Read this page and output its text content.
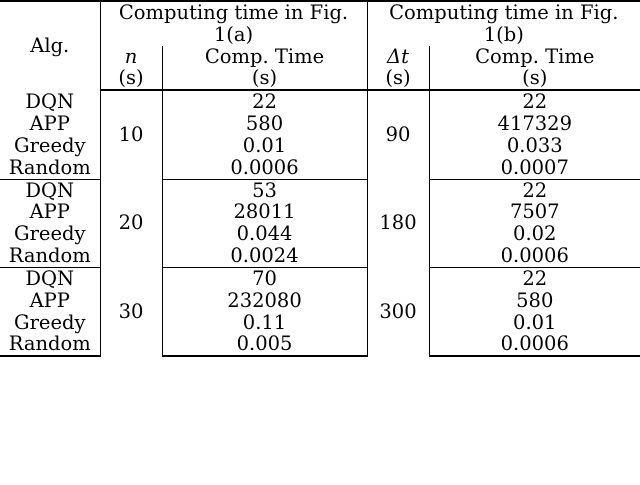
Alg.	Computing time in Fig. 1(a)		Computing time in Fig. 1(b)	
	n	Comp. Time	Δt	Comp. Time
	(s)	(s)	(s)	(s)
DQN	10	22	90	22
APP		580		417329
Greedy		0.01		0.033
Random		0.0006		0.0007
DQN	20	53	180	22
APP		28011		7507
Greedy		0.044		0.02
Random		0.0024		0.0006
DQN	30	70	300	22
APP		232080		580
Greedy		0.11		0.01
Random		0.005		0.0006
